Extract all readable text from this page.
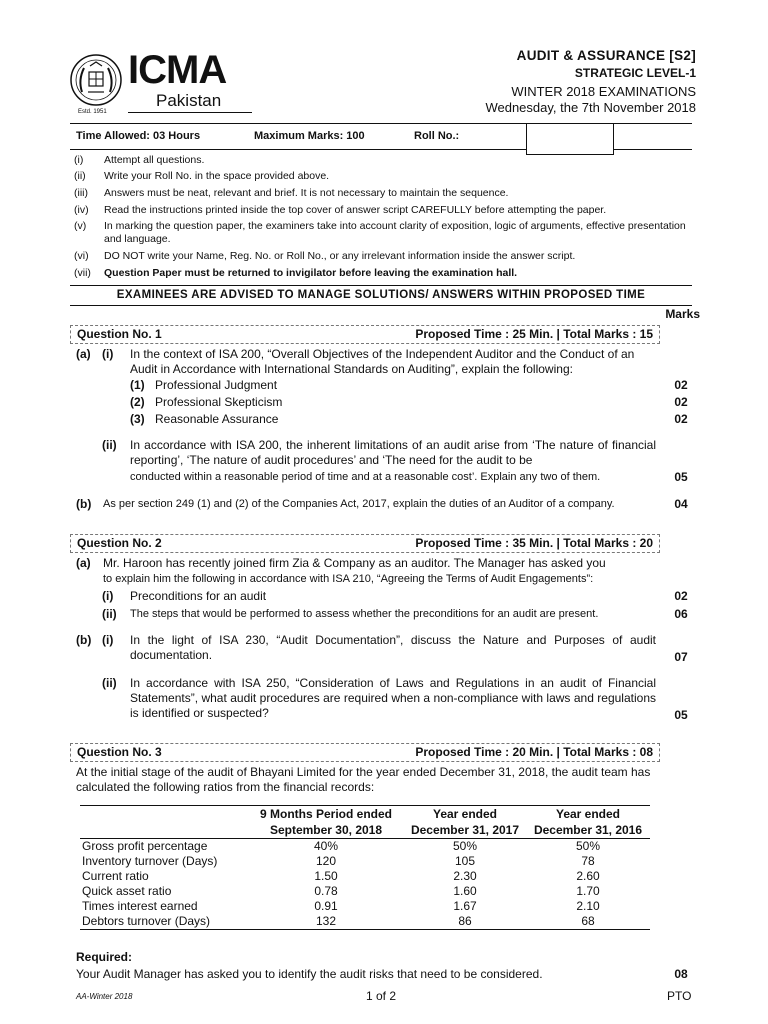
ICMA
Pakistan
Estd. 1951
AUDIT & ASSURANCE [S2]
STRATEGIC LEVEL-1
WINTER 2018 EXAMINATIONS
Wednesday, the 7th November 2018
Time Allowed: 03 Hours	Maximum Marks: 100	Roll No.:
(i)	Attempt all questions.
(ii)	Write your Roll No. in the space provided above.
(iii)	Answers must be neat, relevant and brief. It is not necessary to maintain the sequence.
(iv)	Read the instructions printed inside the top cover of answer script CAREFULLY before attempting the paper.
(v)	In marking the question paper, the examiners take into account clarity of exposition, logic of arguments, effective presentation and language.
(vi)	DO NOT write your Name, Reg. No. or Roll No., or any irrelevant information inside the answer script.
(vii)	Question Paper must be returned to invigilator before leaving the examination hall.
EXAMINEES ARE ADVISED TO MANAGE SOLUTIONS/ ANSWERS WITHIN PROPOSED TIME
Marks
Question No. 1	Proposed Time : 25 Min. | Total Marks : 15
(a) (i) In the context of ISA 200, “Overall Objectives of the Independent Auditor and the Conduct of an Audit in Accordance with International Standards on Auditing”, explain the following:
(1) Professional Judgment	02
(2) Professional Skepticism	02
(3) Reasonable Assurance	02
(ii) In accordance with ISA 200, the inherent limitations of an audit arise from ‘The nature of financial reporting’, ‘The nature of audit procedures’ and ‘The need for the audit to be
conducted within a reasonable period of time and at a reasonable cost’. Explain any two of them.	05
(b) As per section 249 (1) and (2) of the Companies Act, 2017, explain the duties of an Auditor of a company.	04
Question No. 2	Proposed Time : 35 Min. | Total Marks : 20
(a) Mr. Haroon has recently joined firm Zia & Company as an auditor. The Manager has asked you
to explain him the following in accordance with ISA 210, “Agreeing the Terms of Audit Engagements”:
(i) Preconditions for an audit	02
(ii) The steps that would be performed to assess whether the preconditions for an audit are present.	06
(b) (i) In the light of ISA 230, “Audit Documentation”, discuss the Nature and Purposes of audit documentation.	07
(ii) In accordance with ISA 250, “Consideration of Laws and Regulations in an audit of Financial Statements”, what audit procedures are required when a non-compliance with laws and regulations is identified or suspected?	05
Question No. 3	Proposed Time : 20 Min. | Total Marks : 08
At the initial stage of the audit of Bhayani Limited for the year ended December 31, 2018, the audit team has calculated the following ratios from the financial records:
	9 Months Period ended	Year ended	Year ended
	September 30, 2018	December 31, 2017	December 31, 2016
Gross profit percentage	40%	50%	50%
Inventory turnover (Days)	120	105	78
Current ratio	1.50	2.30	2.60
Quick asset ratio	0.78	1.60	1.70
Times interest earned	0.91	1.67	2.10
Debtors turnover (Days)	132	86	68
Required:
Your Audit Manager has asked you to identify the audit risks that need to be considered.	08
AA-Winter 2018	1 of 2	PTO
